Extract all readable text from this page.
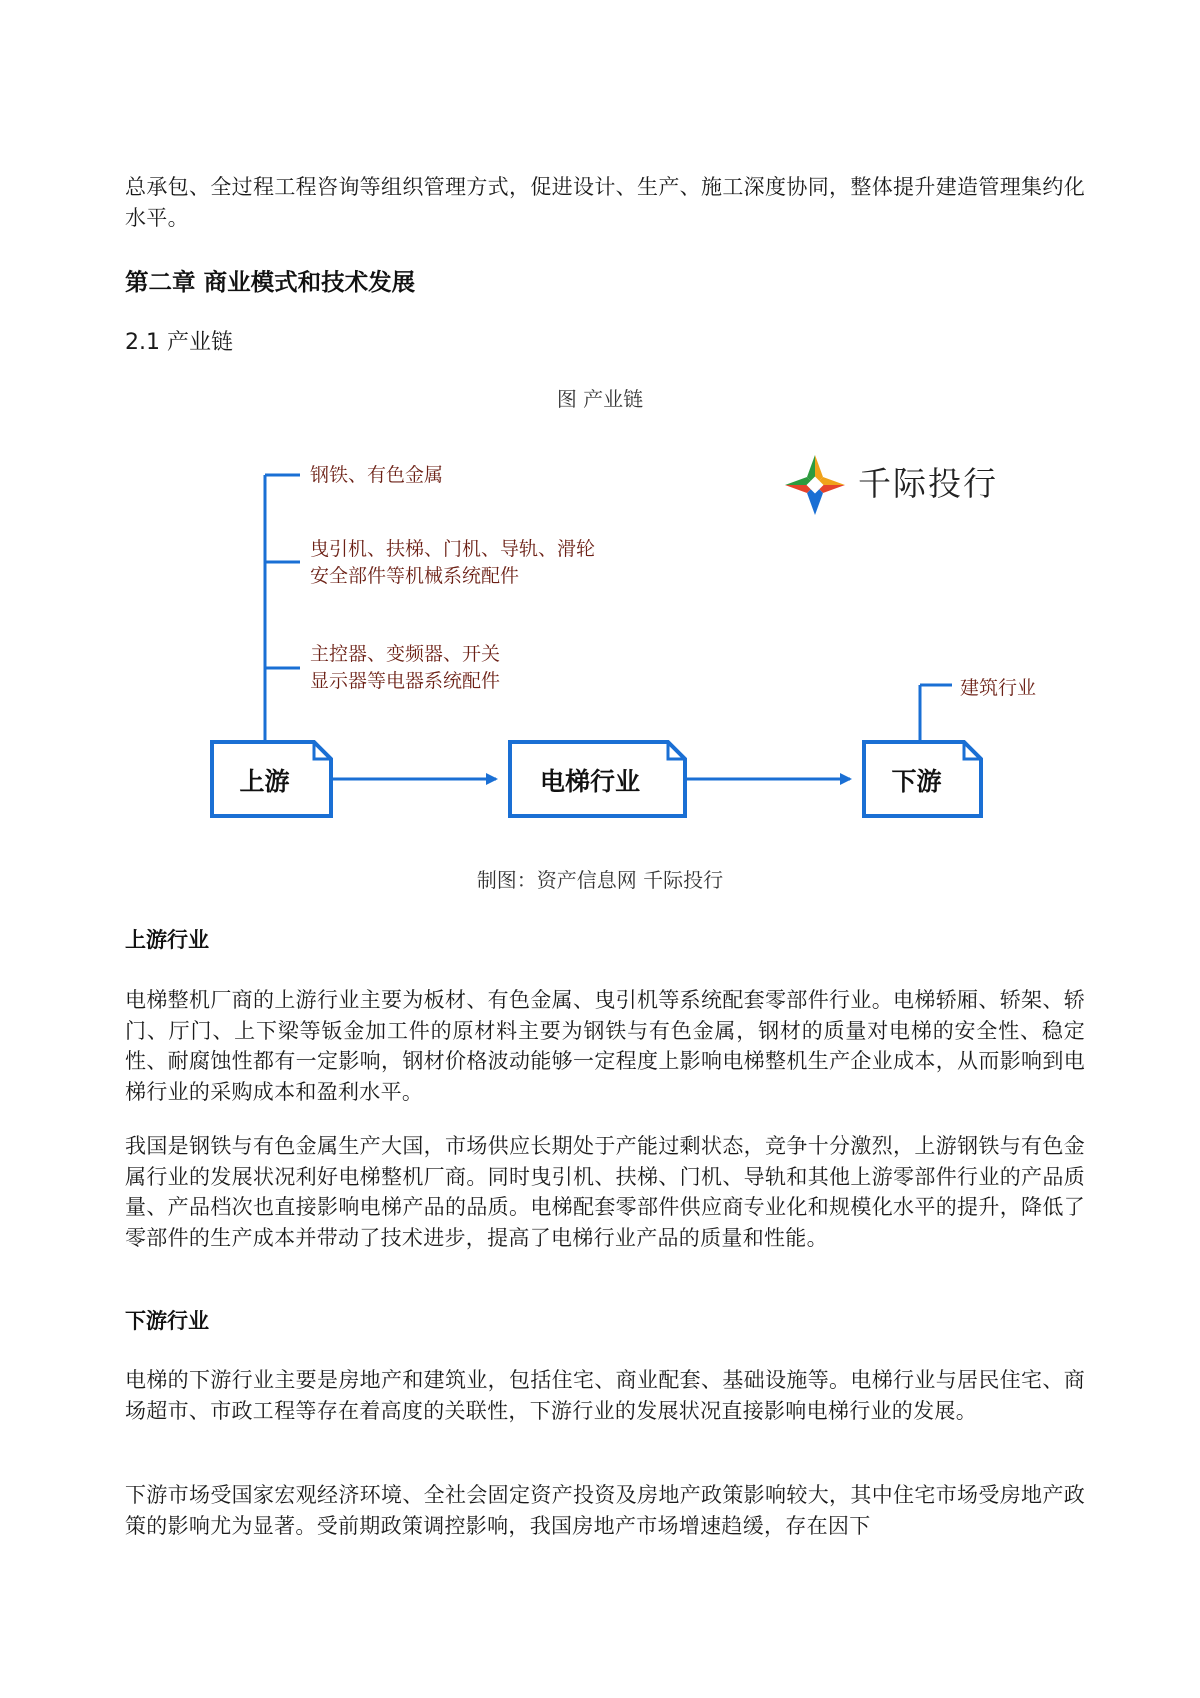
总承包、全过程工程咨询等组织管理方式，促进设计、生产、施工深度协同，整体提升建造管理集约化水平。

第二章 商业模式和技术发展
2.1 产业链
图 产业链
千际投行
钢铁、有色金属
曳引机、扶梯、门机、导轨、滑轮
安全部件等机械系统配件
主控器、变频器、开关
显示器等电器系统配件	建筑行业
上游	电梯行业	下游
制图：资产信息网 千际投行
上游行业

电梯整机厂商的上游行业主要为板材、有色金属、曳引机等系统配套零部件行业。电梯轿厢、轿架、轿门、厅门、上下梁等钣金加工件的原材料主要为钢铁与有色金属，钢材的质量对电梯的安全性、稳定性、耐腐蚀性都有一定影响，钢材价格波动能够一定程度上影响电梯整机生产企业成本，从而影响到电梯行业的采购成本和盈利水平。

我国是钢铁与有色金属生产大国，市场供应长期处于产能过剩状态，竞争十分激烈，上游钢铁与有色金属行业的发展状况利好电梯整机厂商。同时曳引机、扶梯、门机、导轨和其他上游零部件行业的产品质量、产品档次也直接影响电梯产品的品质。电梯配套零部件供应商专业化和规模化水平的提升，降低了零部件的生产成本并带动了技术进步，提高了电梯行业产品的质量和性能。

下游行业

电梯的下游行业主要是房地产和建筑业，包括住宅、商业配套、基础设施等。电梯行业与居民住宅、商场超市、市政工程等存在着高度的关联性，下游行业的发展状况直接影响电梯行业的发展。

下游市场受国家宏观经济环境、全社会固定资产投资及房地产政策影响较大，其中住宅市场受房地产政策的影响尤为显著。受前期政策调控影响，我国房地产市场增速趋缓，存在因下
